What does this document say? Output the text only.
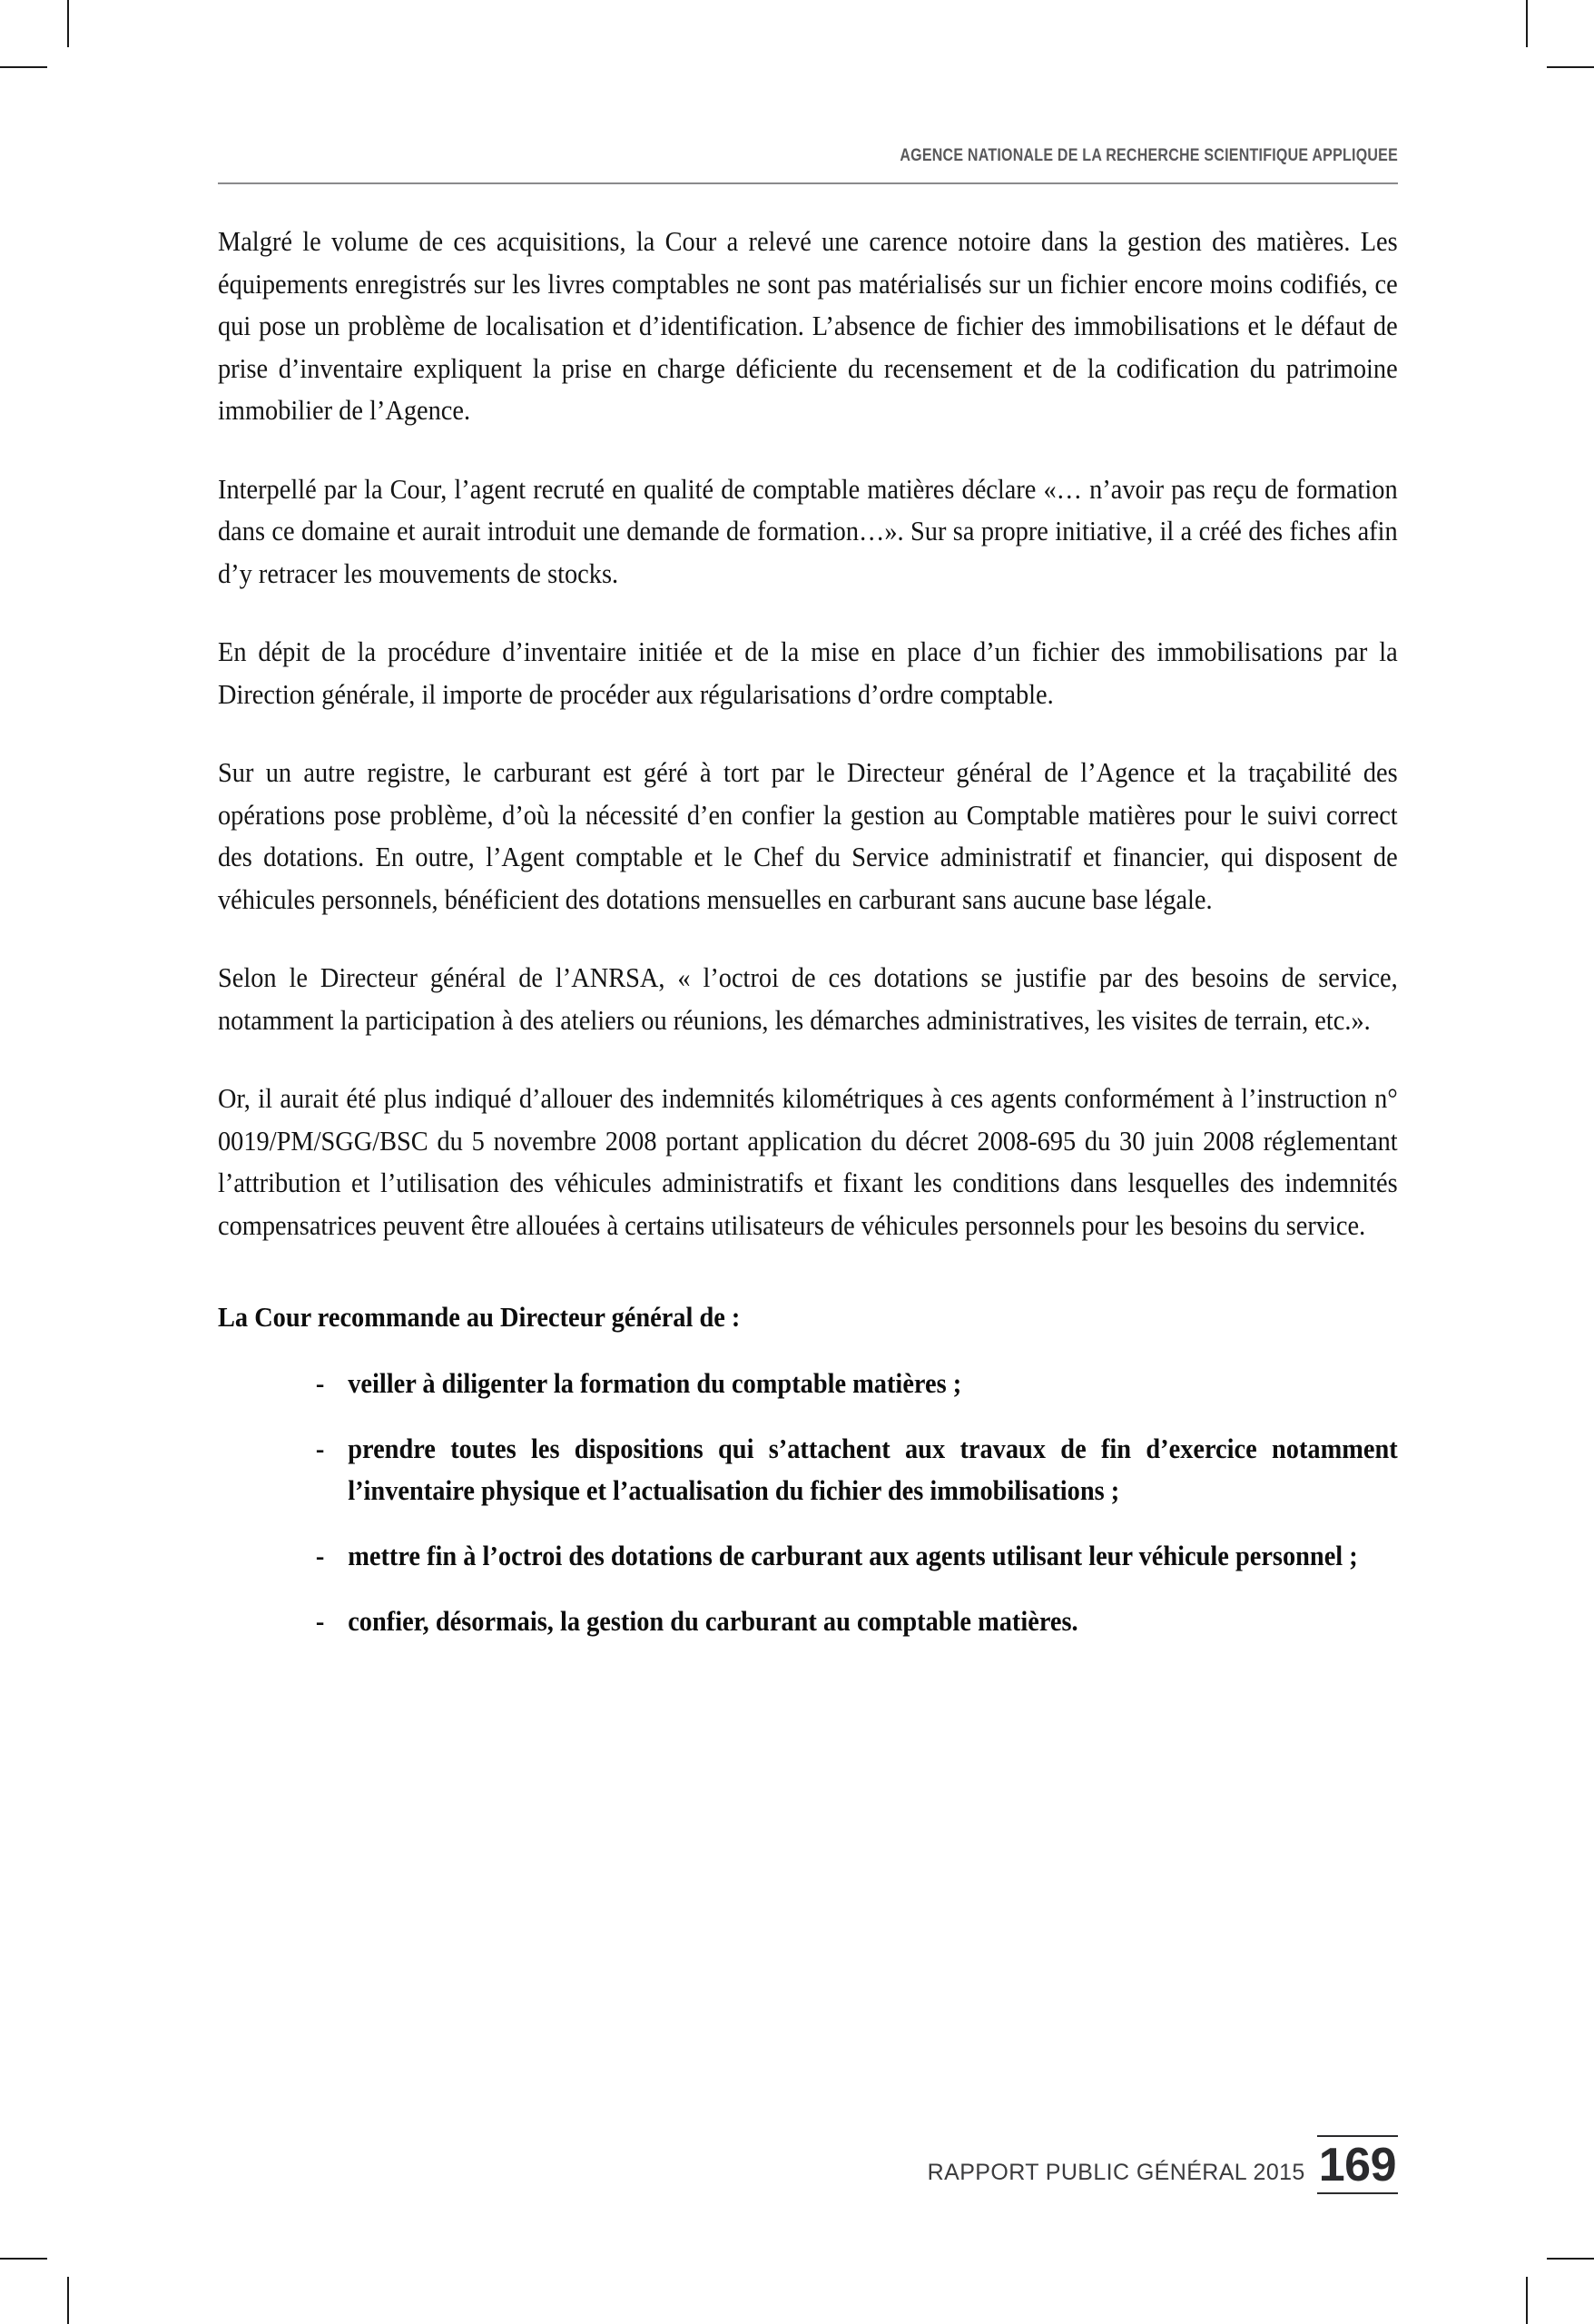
AGENCE NATIONALE DE LA RECHERCHE SCIENTIFIQUE APPLIQUEE

Malgré le volume de ces acquisitions, la Cour a relevé une carence notoire dans la gestion des matières. Les équipements enregistrés sur les livres comptables ne sont pas matérialisés sur un fichier encore moins codifiés, ce qui pose un problème de localisation et d’identification. L’absence de fichier des immobilisations et le défaut de prise d’inventaire expliquent la prise en charge déficiente du recensement et de la codification du patrimoine immobilier de l’Agence.

Interpellé par la Cour, l’agent recruté en qualité de comptable matières déclare «… n’avoir pas reçu de formation dans ce domaine et aurait introduit une demande de formation…». Sur sa propre initiative, il a créé des fiches afin d’y retracer les mouvements de stocks.

En dépit de la procédure d’inventaire initiée et de la mise en place d’un fichier des immobilisations par la Direction générale, il importe de procéder aux régularisations d’ordre comptable.

Sur un autre registre, le carburant est géré à tort par le Directeur général de l’Agence et la traçabilité des opérations pose problème, d’où la nécessité d’en confier la gestion au Comptable matières pour le suivi correct des dotations. En outre, l’Agent comptable et le Chef du Service administratif et financier, qui disposent de véhicules personnels, bénéficient des dotations mensuelles en carburant sans aucune base légale.

Selon le Directeur général de l’ANRSA, « l’octroi de ces dotations se justifie par des besoins de service, notamment la participation à des ateliers ou réunions, les démarches administratives, les visites de terrain, etc.».

Or, il aurait été plus indiqué d’allouer des indemnités kilométriques à ces agents conformément à l’instruction n° 0019/PM/SGG/BSC du 5 novembre 2008 portant application du décret 2008-695 du 30 juin 2008 réglementant l’attribution et l’utilisation des véhicules administratifs et fixant les conditions dans lesquelles des indemnités compensatrices peuvent être allouées à certains utilisateurs de véhicules personnels pour les besoins du service.

La Cour recommande au Directeur général de :
- veiller à diligenter la formation du comptable matières ;
- prendre toutes les dispositions qui s’attachent aux travaux de fin d’exercice notamment l’inventaire physique et l’actualisation du fichier des immobilisations ;
- mettre fin à l’octroi des dotations de carburant aux agents utilisant leur véhicule personnel ;
- confier, désormais, la gestion du carburant au comptable matières.
RAPPORT PUBLIC GÉNÉRAL 2015 169
